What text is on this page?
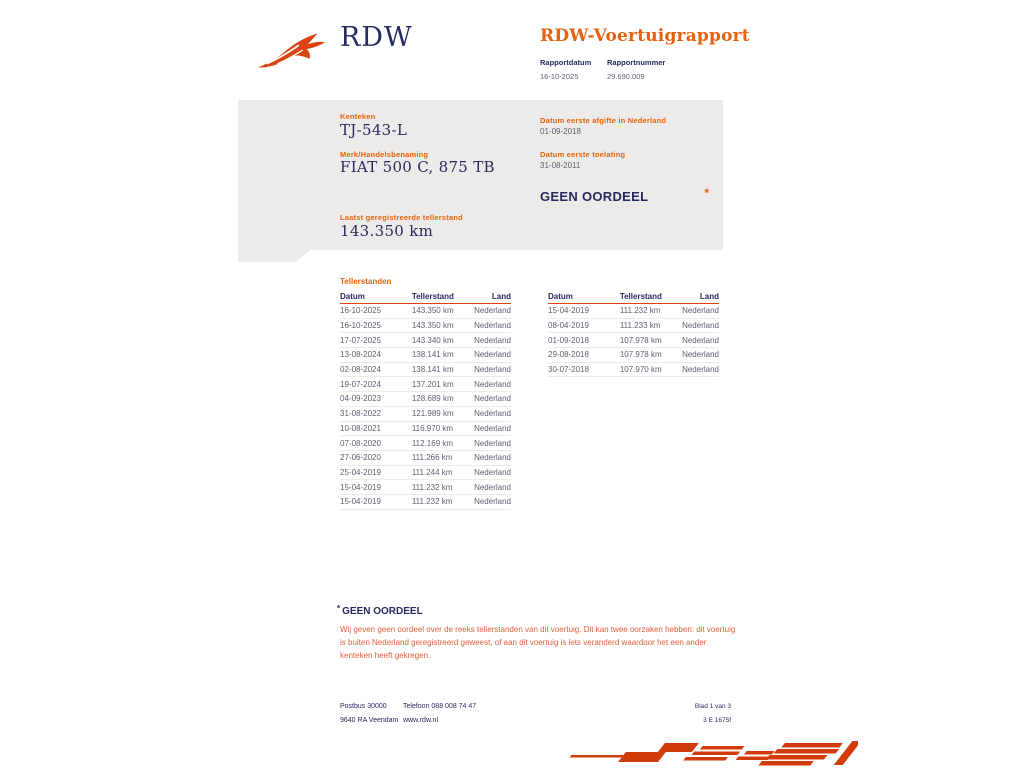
RDW	RDW-Voertuigrapport
Rapportdatum
16-10-2025
Rapportnummer
29.690.009
Kenteken
TJ-543-L
Merk/Handelsbenaming
FIAT 500 C, 875 TB
Laatst geregistreerde tellerstand
143.350 km
Datum eerste afgifte in Nederland
01-09-2018
Datum eerste toelating
31-08-2011
GEEN OORDEEL	*
Tellerstanden
Datum	Tellerstand	Land
16-10-2025	143.350 km	Nederland
16-10-2025	143.350 km	Nederland
17-07-2025	143.340 km	Nederland
13-08-2024	138.141 km	Nederland
02-08-2024	138.141 km	Nederland
19-07-2024	137.201 km	Nederland
04-09-2023	128.689 km	Nederland
31-08-2022	121.989 km	Nederland
10-08-2021	116.970 km	Nederland
07-08-2020	112.169 km	Nederland
27-06-2020	111.266 km	Nederland
25-04-2019	111.244 km	Nederland
15-04-2019	111.232 km	Nederland
15-04-2019	111.232 km	Nederland
Datum	Tellerstand	Land
15-04-2019	111.232 km	Nederland
08-04-2019	111.233 km	Nederland
01-09-2018	107.978 km	Nederland
29-08-2018	107.978 km	Nederland
30-07-2018	107.970 km	Nederland
* GEEN OORDEEL

Wij geven geen oordeel over de reeks tellerstanden van dit voertuig. Dit kan twee oorzaken hebben: dit voertuig is buiten Nederland geregistreerd geweest, of aan dit voertuig is iets veranderd waardoor het een ander kenteken heeft gekregen.

Postbus 30000
9640 RA Veendam
Telefoon 088 008 74 47
www.rdw.nl
Blad 1 van 3
3 E 1675f
